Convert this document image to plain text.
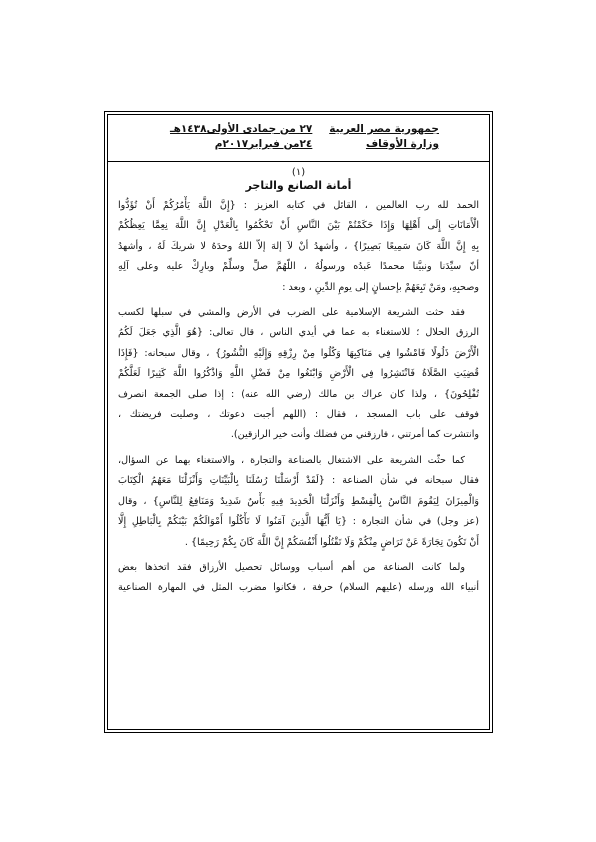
جمهورية مصر العربية
وزارة الأوقاف
٢٧ من جمادى الأولى١٤٣٨هـ
٢٤من فبراير٢٠١٧م
(١)
أمانة الصانع والتاجر
الحمد لله رب العالمين ، القائل في كتابه العزيز : {إِنَّ اللَّهَ يَأْمُرُكُمْ أَنْ تُؤَدُّوا
الْأَمَانَاتِ إِلَى أَهْلِهَا وَإِذَا حَكَمْتُمْ بَيْنَ النَّاسِ أَنْ تَحْكُمُوا بِالْعَدْلِ إِنَّ اللَّهَ نِعِمَّا يَعِظُكُمْ
بِهِ إِنَّ اللَّهَ كَانَ سَمِيعًا بَصِيرًا} ، وأشهدُ أنْ لاَ إلهَ إلاّ اللهُ وحدَهُ لا شريكَ لَهُ ، وأشهدُ
أنّ سيِّدَنا ونبيَّنا محمدًا عَبدُه ورسولُهُ ، اللّهُمَّ صلِّ وسلِّمْ وبارِكْ عليه وعلى آلِهِ
وصحبِهِ، ومَنْ تَبِعَهُمْ بإحسانٍ إلى يومِ الدِّينِ ، وبعد :
فقد حثت الشريعة الإسلامية على الضرب في الأرض والمشي في سبلها لكسب
الرزق الحلال ؛ للاستغناء به عما في أيدي الناس ، قال تعالى: {هُوَ الَّذِي جَعَلَ لَكُمُ
الْأَرْضَ ذَلُولًا فَامْشُوا فِي مَنَاكِبِهَا وَكُلُوا مِنْ رِزْقِهِ وَإِلَيْهِ النُّشُورُ} ، وقال سبحانه: {فَإِذَا
قُضِيَتِ الصَّلَاةُ فَانْتَشِرُوا فِي الْأَرْضِ وَابْتَغُوا مِنْ فَضْلِ اللَّهِ وَاذْكُرُوا اللَّهَ كَثِيرًا لَعَلَّكُمْ
تُفْلِحُونَ} ، ولذا كان عراك بن مالك (رضي الله عنه) : إذا صلى الجمعة انصرف
فوقف على باب المسجد ، فقال : (اللهم أجبت دعوتك ، وصليت فريضتك ،
وانتشرت كما أمرتني ، فارزقني من فضلك وأنت خير الرازقين).
كما حثّت الشريعة على الاشتغال بالصناعة والتجارة ، والاستغناء بهما عن السؤال،
فقال سبحانه في شأن الصناعة : {لَقَدْ أَرْسَلْنَا رُسُلَنَا بِالْبَيِّنَاتِ وَأَنْزَلْنَا مَعَهُمُ الْكِتَابَ
وَالْمِيزَانَ لِيَقُومَ النَّاسُ بِالْقِسْطِ وَأَنْزَلْنَا الْحَدِيدَ فِيهِ بَأْسٌ شَدِيدٌ وَمَنَافِعُ لِلنَّاسِ} ، وقال
(عز وجل) في شأن التجارة : {يَا أَيُّهَا الَّذِينَ آمَنُوا لَا تَأْكُلُوا أَمْوَالَكُمْ بَيْنَكُمْ بِالْبَاطِلِ إِلَّا
أَنْ تَكُونَ تِجَارَةً عَنْ تَرَاضٍ مِنْكُمْ وَلَا تَقْتُلُوا أَنْفُسَكُمْ إِنَّ اللَّهَ كَانَ بِكُمْ رَحِيمًا} .
ولما كانت الصناعة من أهم أسباب ووسائل تحصيل الأرزاق فقد اتخذها بعض
أنبياء الله ورسله (عليهم السلام) حرفة ، فكانوا مضرب المثل في المهارة الصناعية
